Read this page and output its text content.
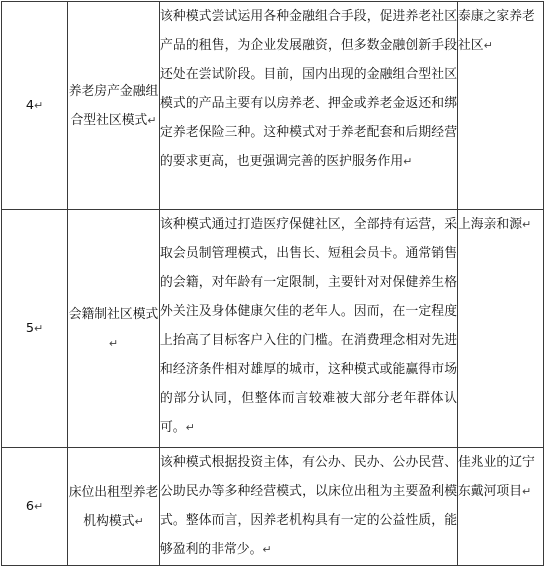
4↵	养老房产金融组合型社区模式↵	该种模式尝试运用各种金融组合手段，促进养老社区产品的租售，为企业发展融资，但多数金融创新手段还处在尝试阶段。目前，国内出现的金融组合型社区模式的产品主要有以房养老、押金或养老金返还和绑定养老保险三种。这种模式对于养老配套和后期经营的要求更高，也更强调完善的医护服务作用↵	泰康之家养老社区↵
5↵	会籍制社区模式↵	该种模式通过打造医疗保健社区，全部持有运营，采取会员制管理模式，出售长、短租会员卡。通常销售的会籍，对年龄有一定限制，主要针对对保健养生格外关注及身体健康欠佳的老年人。因而，在一定程度上抬高了目标客户入住的门槛。在消费理念相对先进和经济条件相对雄厚的城市，这种模式或能赢得市场的部分认同，但整体而言较难被大部分老年群体认可。↵	上海亲和源↵
6↵	床位出租型养老机构模式↵	该种模式根据投资主体，有公办、民办、公办民营、公助民办等多种经营模式，以床位出租为主要盈利模式。整体而言，因养老机构具有一定的公益性质，能够盈利的非常少。↵	佳兆业的辽宁东戴河项目↵
